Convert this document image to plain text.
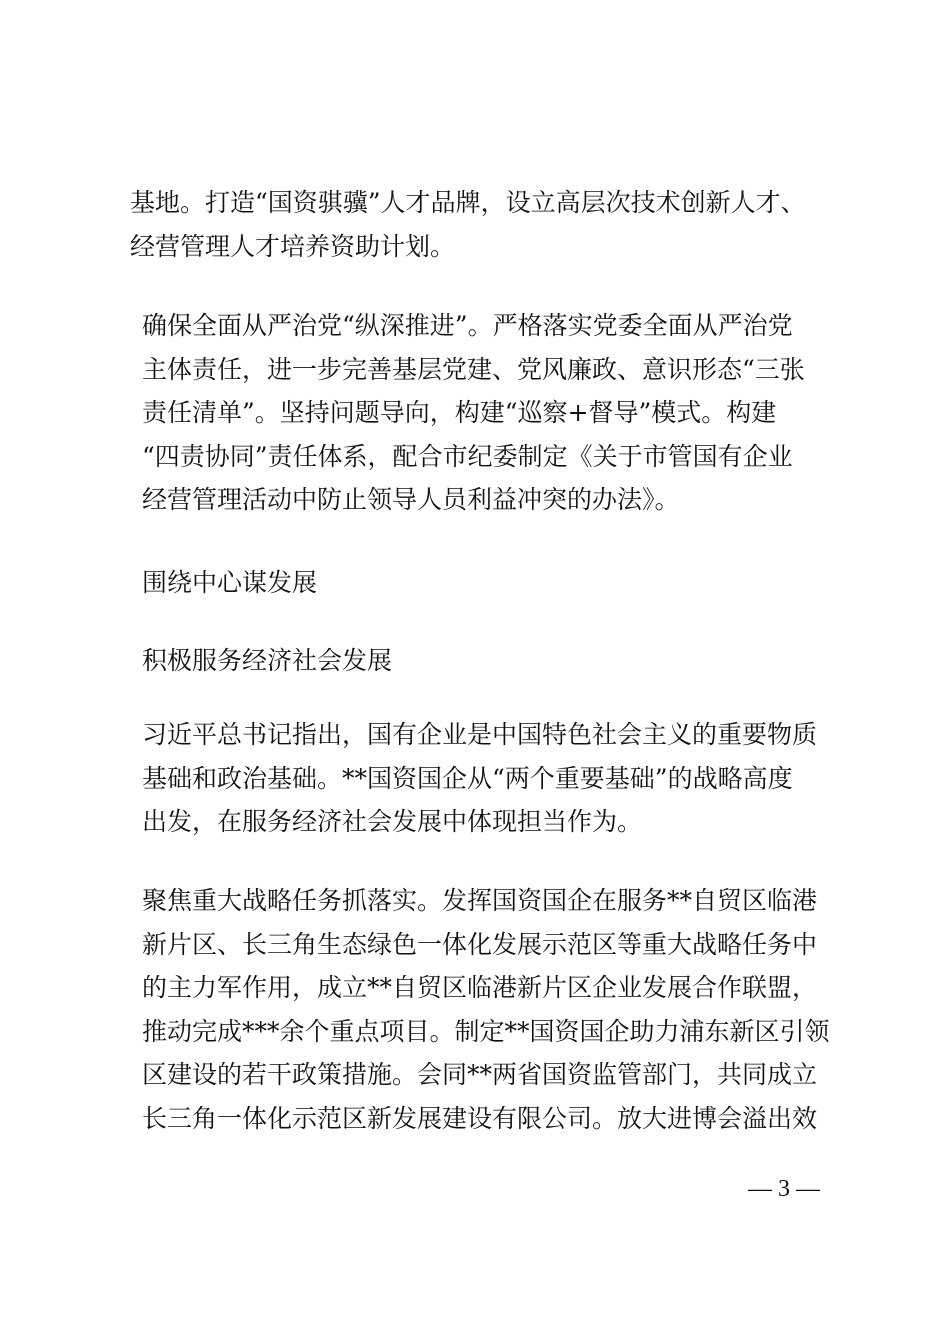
基地。打造“国资骐骥”人才品牌，设立高层次技术创新人才、
经营管理人才培养资助计划。

确保全面从严治党“纵深推进”。严格落实党委全面从严治党
主体责任，进一步完善基层党建、党风廉政、意识形态“三张
责任清单”。坚持问题导向，构建“巡察+督导”模式。构建
“四责协同”责任体系，配合市纪委制定《关于市管国有企业
经营管理活动中防止领导人员利益冲突的办法》。

围绕中心谋发展

积极服务经济社会发展

习近平总书记指出，国有企业是中国特色社会主义的重要物质
基础和政治基础。**国资国企从“两个重要基础”的战略高度
出发，在服务经济社会发展中体现担当作为。

聚焦重大战略任务抓落实。发挥国资国企在服务**自贸区临港
新片区、长三角生态绿色一体化发展示范区等重大战略任务中
的主力军作用，成立**自贸区临港新片区企业发展合作联盟，
推动完成***余个重点项目。制定**国资国企助力浦东新区引领
区建设的若干政策措施。会同**两省国资监管部门，共同成立
长三角一体化示范区新发展建设有限公司。放大进博会溢出效

— 3 —
